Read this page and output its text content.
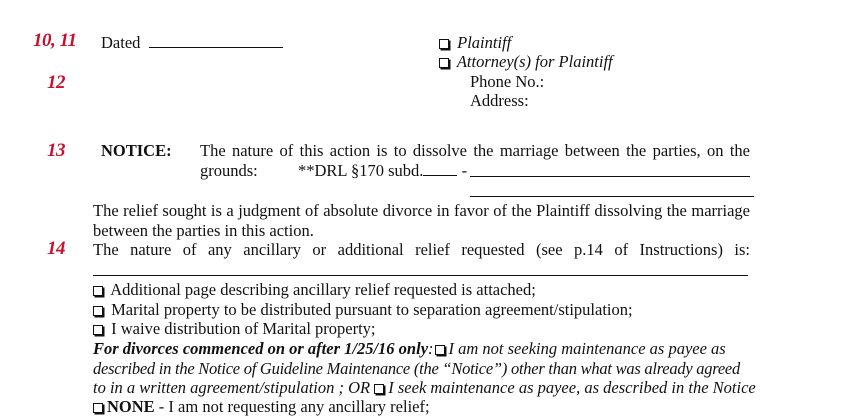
10, 11
12
13
14
Dated	Plaintiff
Attorney(s) for Plaintiff
Phone No.:
Address:
NOTICE: The nature of this action is to dissolve the marriage between the parties, on the
grounds: **DRL §170 subd. -
The relief sought is a judgment of absolute divorce in favor of the Plaintiff dissolving the marriage
between the parties in this action.
The nature of any ancillary or additional relief requested (see p.14 of Instructions) is:
Additional page describing ancillary relief requested is attached;
Marital property to be distributed pursuant to separation agreement/stipulation;
I waive distribution of Marital property;
For divorces commenced on or after 1/25/16 only: I am not seeking maintenance as payee as
described in the Notice of Guideline Maintenance (the “Notice”) other than what was already agreed
to in a written agreement/stipulation ; OR I seek maintenance as payee, as described in the Notice
NONE - I am not requesting any ancillary relief;
